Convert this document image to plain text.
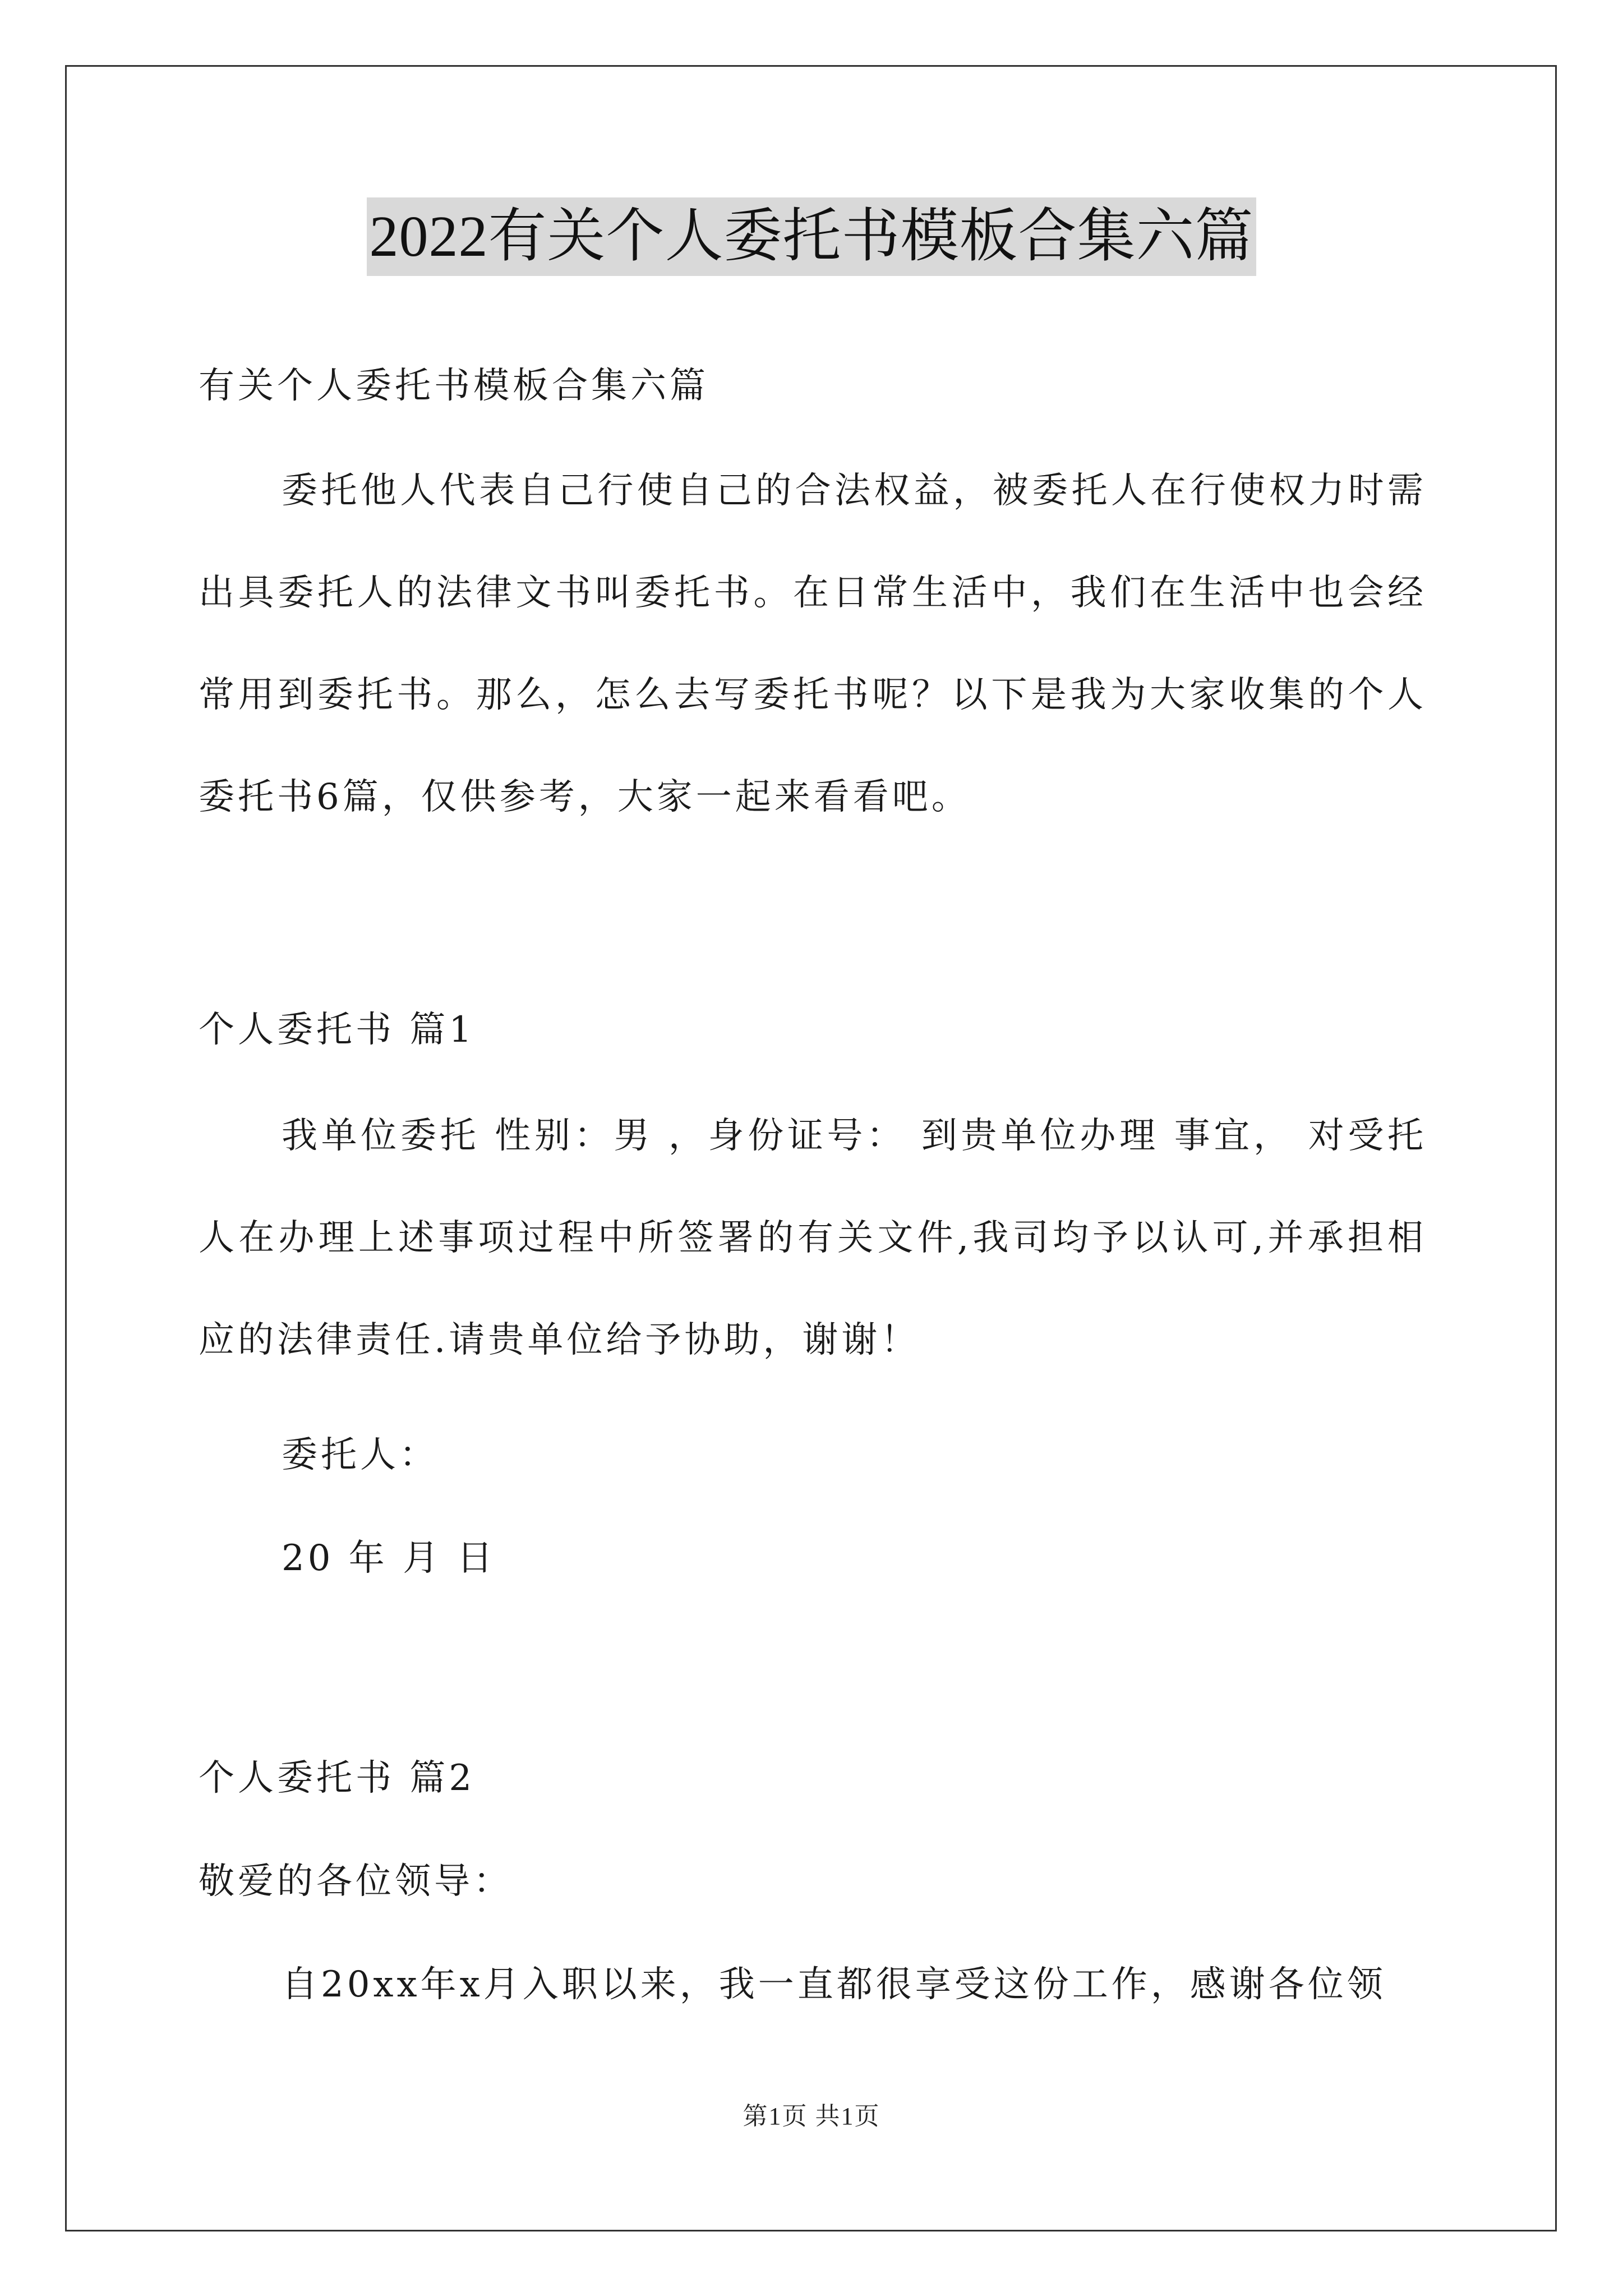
2022有关个人委托书模板合集六篇
有关个人委托书模板合集六篇
委托他人代表自己行使自己的合法权益，被委托人在行使权力时需出具委托人的法律文书叫委托书。在日常生活中，我们在生活中也会经常用到委托书。那么，怎么去写委托书呢？以下是我为大家收集的个人委托书6篇，仅供参考，大家一起来看看吧。
个人委托书 篇1
我单位委托 性别：男 ，身份证号： 到贵单位办理 事宜， 对受托人在办理上述事项过程中所签署的有关文件,我司均予以认可,并承担相应的法律责任.请贵单位给予协助，谢谢！
委托人：
20 年 月 日
个人委托书 篇2
敬爱的各位领导：
自20xx年x月入职以来，我一直都很享受这份工作，感谢各位领
第1页 共1页
